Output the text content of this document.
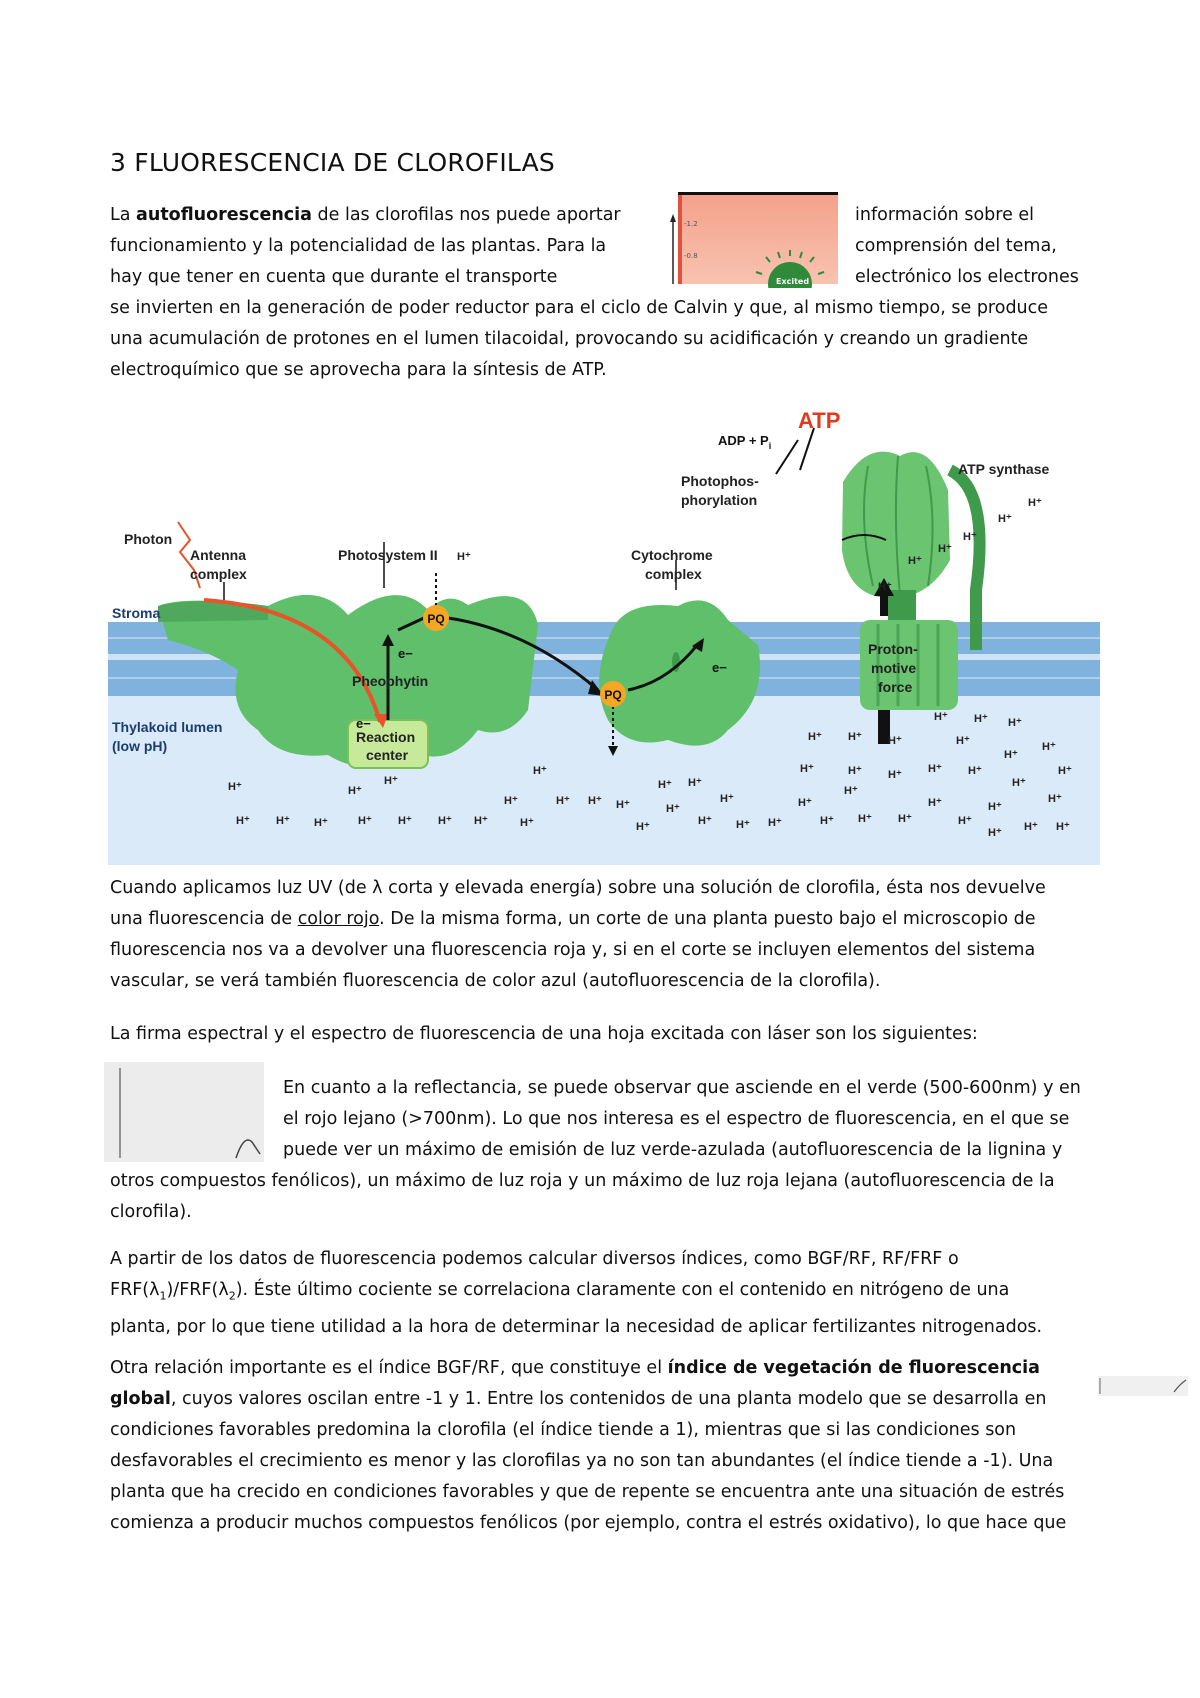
3 FLUORESCENCIA DE CLOROFILAS
La autofluorescencia de las clorofilas nos puede aportar
funcionamiento y la potencialidad de las plantas. Para la
hay que tener en cuenta que durante el transporte
información sobre el
comprensión del tema,
electrónico los electrones
-1.2
-0.8
Excited
se invierten en la generación de poder reductor para el ciclo de Calvin y que, al mismo tiempo, se produce
una acumulación de protones en el lumen tilacoidal, provocando su acidificación y creando un gradiente
electroquímico que se aprovecha para la síntesis de ATP.
PQ
PQ
ATP
ADP + $P_i$
Photophos-
phorylation
ATP synthase
Photon
Antenna
complex
Photosystem II	Cytochrome
complex
Stroma
Pheophytin
e−
e−
e−
Reaction
center
Proton-
motive
force
Thylakoid lumen
(low pH)
H⁺	H⁺
H⁺
H⁺
H⁺
H⁺
H⁺
H⁺
H⁺ H⁺ H⁺
H⁺
H⁺
H⁺ H⁺ H⁺ H⁺	H⁺
H⁺
H⁺
H⁺ H⁺ H⁺
H⁺
H⁺ H⁺
H⁺
H⁺
H⁺
H⁺ H⁺
H⁺
H⁺
H⁺
H⁺ H⁺
H⁺ H⁺
H⁺
H⁺
H⁺ H⁺
H⁺
H⁺
H⁺
H⁺
H⁺ H⁺ H⁺
H⁺
H⁺
H⁺
H⁺ H⁺ H⁺
H⁺
H⁺
H⁺
H⁺
Cuando aplicamos luz UV (de λ corta y elevada energía) sobre una solución de clorofila, ésta nos devuelve
una fluorescencia de color rojo. De la misma forma, un corte de una planta puesto bajo el microscopio de
fluorescencia nos va a devolver una fluorescencia roja y, si en el corte se incluyen elementos del sistema
vascular, se verá también fluorescencia de color azul (autofluorescencia de la clorofila).
La firma espectral y el espectro de fluorescencia de una hoja excitada con láser son los siguientes:
En cuanto a la reflectancia, se puede observar que asciende en el verde (500-600nm) y en
el rojo lejano (>700nm). Lo que nos interesa es el espectro de fluorescencia, en el que se
puede ver un máximo de emisión de luz verde-azulada (autofluorescencia de la lignina y
otros compuestos fenólicos), un máximo de luz roja y un máximo de luz roja lejana (autofluorescencia de la
clorofila).
A partir de los datos de fluorescencia podemos calcular diversos índices, como BGF/RF, RF/FRF o
$FRF(\lambda_1)/FRF(\lambda_2)$. Éste último cociente se correlaciona claramente con el contenido en nitrógeno de una
planta, por lo que tiene utilidad a la hora de determinar la necesidad de aplicar fertilizantes nitrogenados.
Otra relación importante es el índice BGF/RF, que constituye el índice de vegetación de fluorescencia
global, cuyos valores oscilan entre -1 y 1. Entre los contenidos de una planta modelo que se desarrolla en
condiciones favorables predomina la clorofila (el índice tiende a 1), mientras que si las condiciones son
desfavorables el crecimiento es menor y las clorofilas ya no son tan abundantes (el índice tiende a -1). Una
planta que ha crecido en condiciones favorables y que de repente se encuentra ante una situación de estrés
comienza a producir muchos compuestos fenólicos (por ejemplo, contra el estrés oxidativo), lo que hace que
